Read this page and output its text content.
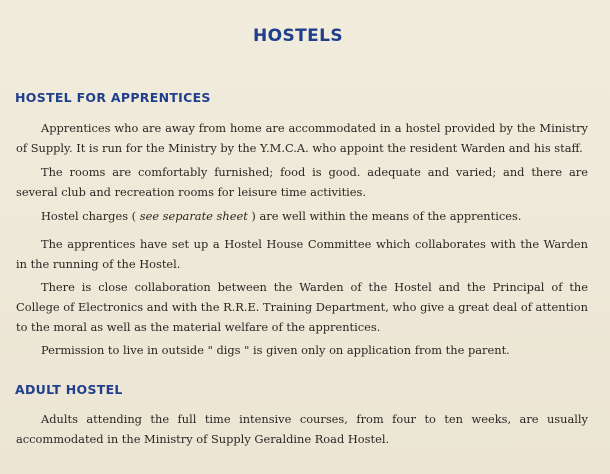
HOSTELS
HOSTEL FOR APPRENTICES

Apprentices who are away from home are accommodated in a hostel provided by the Ministry of Supply. It is run for the Ministry by the Y.M.C.A. who appoint the resident Warden and his staff.

The rooms are comfortably furnished; food is good. adequate and varied; and there are several club and recreation rooms for leisure time activities.

Hostel charges ( see separate sheet ) are well within the means of the apprentices.

The apprentices have set up a Hostel House Committee which collaborates with the Warden in the running of the Hostel.

There is close collaboration between the Warden of the Hostel and the Principal of the College of Electronics and with the R.R.E. Training Department, who give a great deal of attention to the moral as well as the material welfare of the apprentices.

Permission to live in outside " digs " is given only on application from the parent.

ADULT HOSTEL

Adults attending the full time intensive courses, from four to ten weeks, are usually accommodated in the Ministry of Supply Geraldine Road Hostel.
